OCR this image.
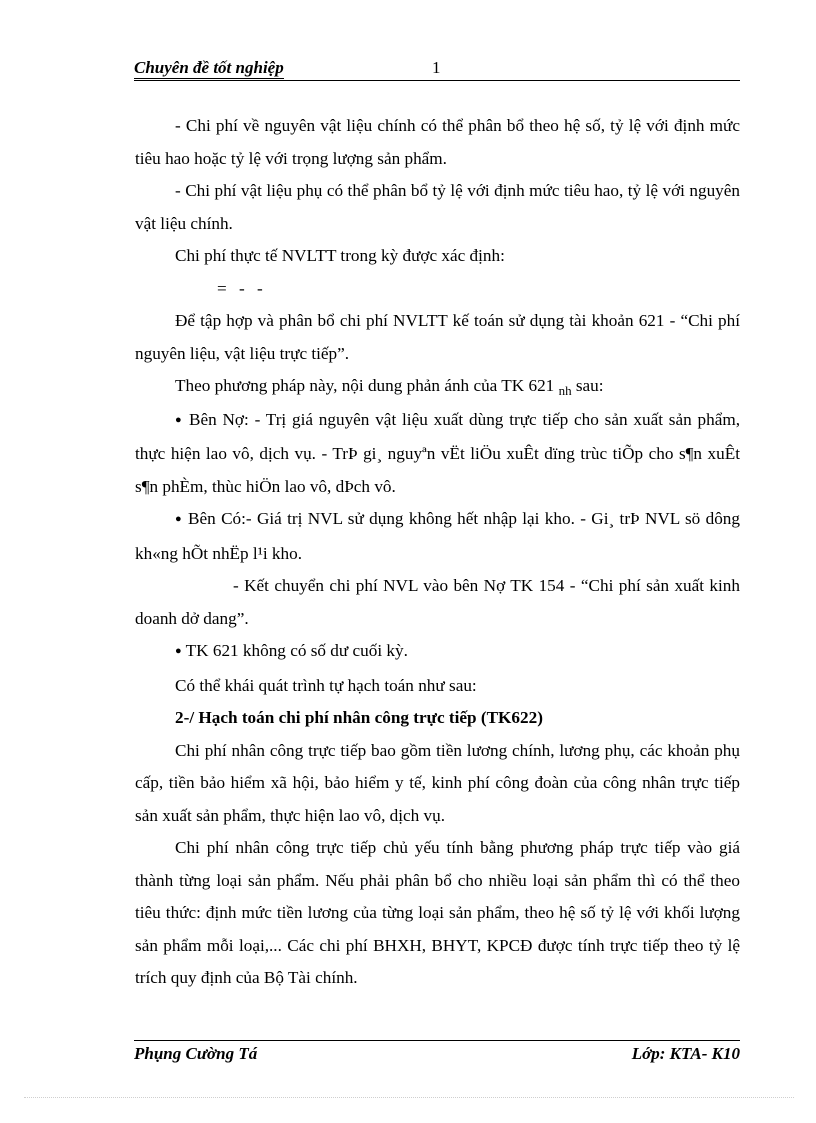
Chuyên đề tốt nghiệp	1

- Chi phí về nguyên vật liệu chính có thể phân bổ theo hệ số, tỷ lệ với định mức tiêu hao hoặc tỷ lệ với trọng lượng sản phẩm.

- Chi phí vật liệu phụ có thể phân bổ tỷ lệ với định mức tiêu hao, tỷ lệ với nguyên vật liệu chính.

Chi phí thực tế NVLTT trong kỳ được xác định:

= - -

Để tập hợp và phân bổ chi phí NVLTT kế toán sử dụng tài khoản 621 - “Chi phí nguyên liệu, vật liệu trực tiếp”.

Theo phương pháp này, nội dung phản ánh của TK 621 $_{nh}$ sau:

● Bên Nợ: - Trị giá nguyên vật liệu xuất dùng trực tiếp cho sản xuất sản phẩm, thực hiện lao vô, dịch vụ. - TrÞ gi¸ nguyªn vËt liÖu xuÊt dïng trùc tiÕp cho s¶n xuÊt s¶n phÈm, thùc hiÖn lao vô, dÞch vô.

● Bên Có:- Giá trị NVL sử dụng không hết nhập lại kho. - Gi¸ trÞ NVL sö dông kh«ng hÕt nhËp l¹i kho.

- Kết chuyển chi phí NVL vào bên Nợ TK 154 - “Chi phí sản xuất kinh doanh dở dang”.

● TK 621 không có số dư cuối kỳ.

Có thể khái quát trình tự hạch toán như sau:

2-/ Hạch toán chi phí nhân công trực tiếp (TK622)

Chi phí nhân công trực tiếp bao gồm tiền lương chính, lương phụ, các khoản phụ cấp, tiền bảo hiểm xã hội, bảo hiểm y tế, kinh phí công đoàn của công nhân trực tiếp sản xuất sản phẩm, thực hiện lao vô, dịch vụ.

Chi phí nhân công trực tiếp chủ yếu tính bằng phương pháp trực tiếp vào giá thành từng loại sản phẩm. Nếu phải phân bổ cho nhiều loại sản phẩm thì có thể theo tiêu thức: định mức tiền lương của từng loại sản phẩm, theo hệ số tỷ lệ với khối lượng sản phẩm mỗi loại,... Các chi phí BHXH, BHYT, KPCĐ được tính trực tiếp theo tỷ lệ trích quy định của Bộ Tài chính.

Phụng Cường Tá	Lớp: KTA- K10
